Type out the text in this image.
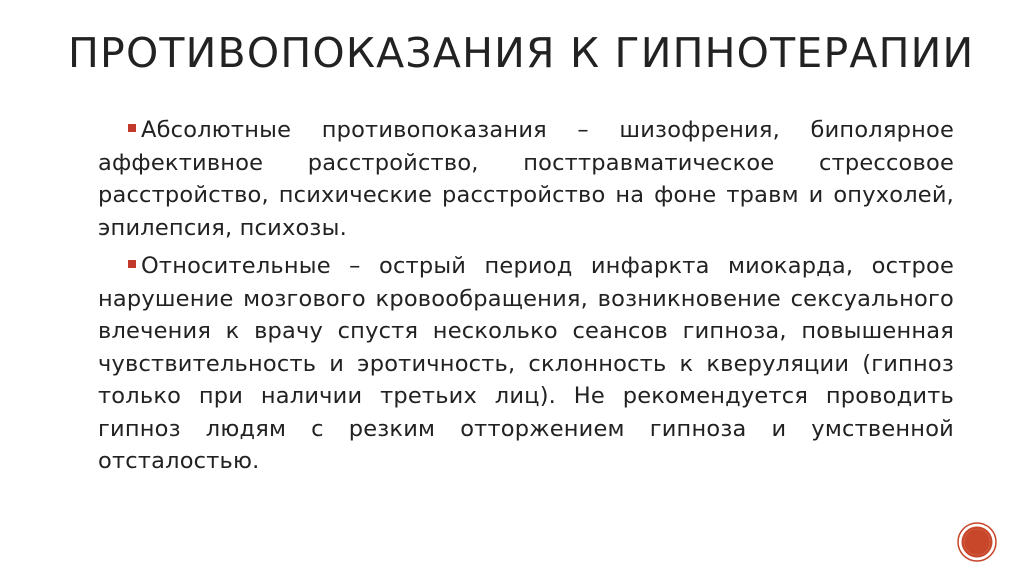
ПРОТИВОПОКАЗАНИЯ К ГИПНОТЕРАПИИ

Абсолютные противопоказания – шизофрения, биполярное аффективное расстройство, посттравматическое стрессовое расстройство, психические расстройство на фоне травм и опухолей, эпилепсия, психозы.

Относительные – острый период инфаркта миокарда, острое нарушение мозгового кровообращения, возникновение сексуального влечения к врачу спустя несколько сеансов гипноза, повышенная чувствительность и эротичность, склонность к кверуляции (гипноз только при наличии третьих лиц). Не рекомендуется проводить гипноз людям с резким отторжением гипноза и умственной отсталостью.
